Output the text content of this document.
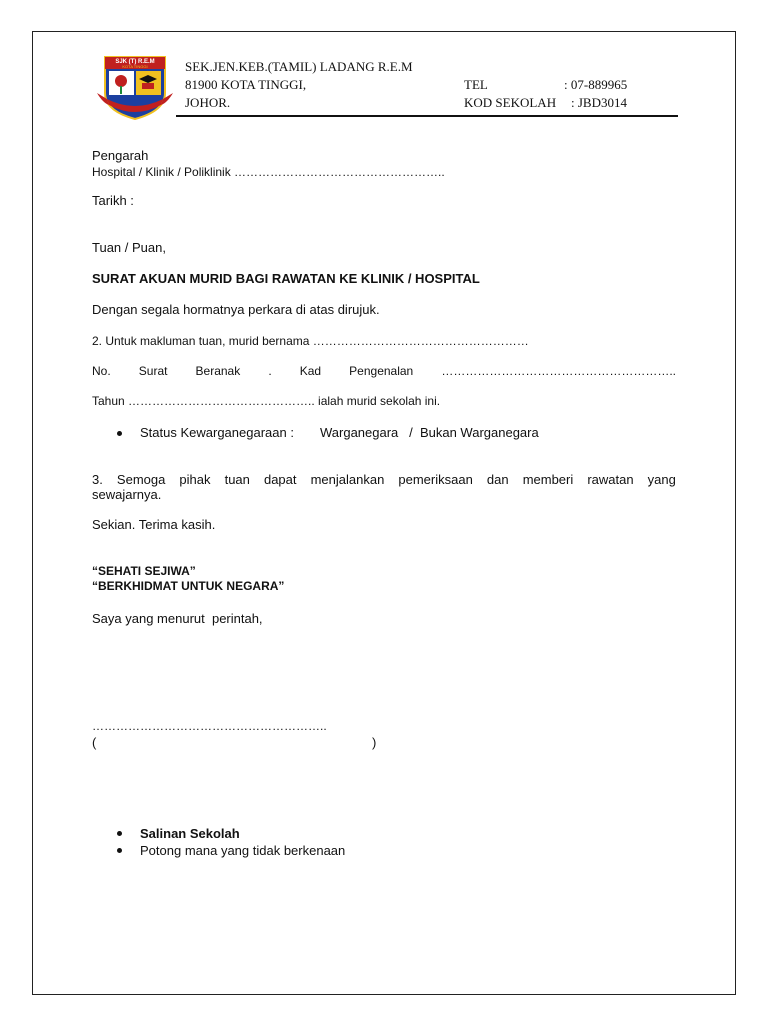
SJK (T) R.E.M
KOTA TINGGI	SEK.JEN.KEB.(TAMIL) LADANG R.E.M
81900 KOTA TINGGI,
JOHOR.
TEL	: 07-889965
KOD SEKOLAH : JBD3014
Pengarah
Hospital / Klinik / Poliklinik ……………………………………………..
Tarikh :
Tuan / Puan,
SURAT AKUAN MURID BAGI RAWATAN KE KLINIK / HOSPITAL
Dengan segala hormatnya perkara di atas dirujuk.
2. Untuk makluman tuan, murid bernama ………………………………………………
No. Surat Beranak . Kad Pengenalan …………………………………………………..
Tahun ……………………………………….. ialah murid sekolah ini.
Status Kewarganegaraan : Warganegara   /  Bukan Warganegara
3. Semoga pihak tuan dapat menjalankan pemeriksaan dan memberi rawatan yang
sewajarnya.
Sekian. Terima kasih.
“SEHATI SEJIWA”
“BERKHIDMAT UNTUK NEGARA”
Saya yang menurut  perintah,
…………………………………………………..
(	)
Salinan Sekolah
Potong mana yang tidak berkenaan
